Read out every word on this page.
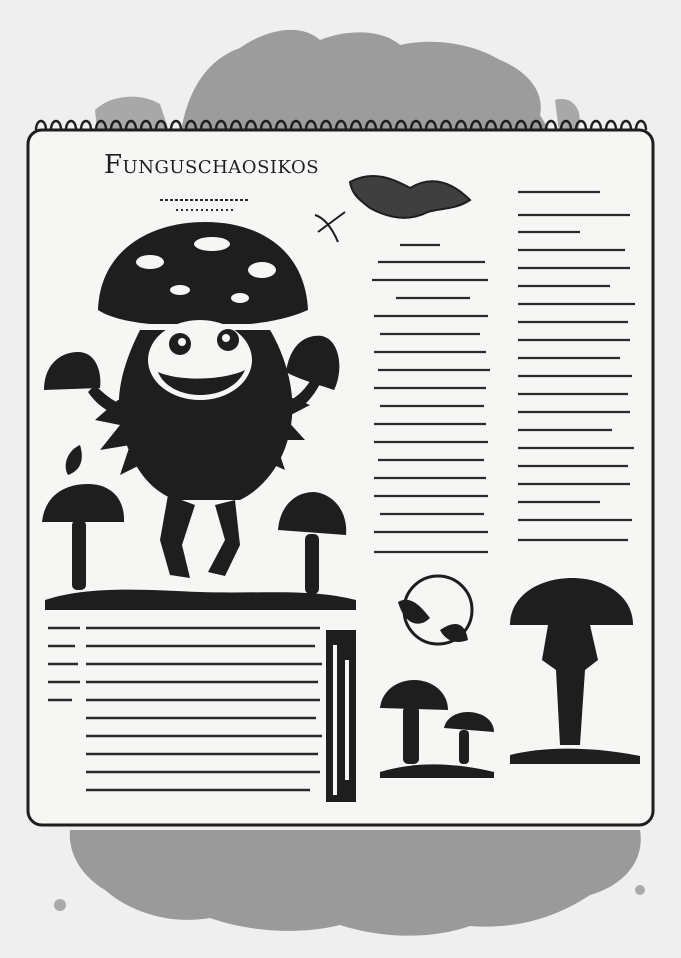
Funguschaosikos
